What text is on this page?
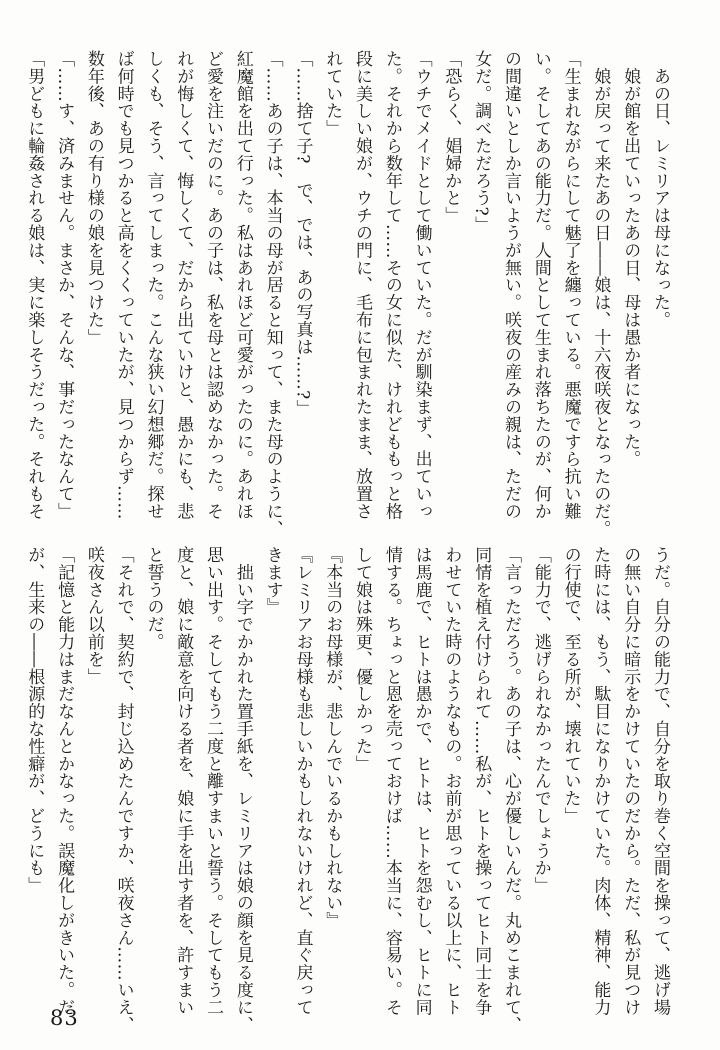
　あの日、レミリアは母になった。

　娘が館を出ていったあの日、母は愚か者になった。

　娘が戻って来たあの日――娘は、十六夜咲夜となったのだ。

「生まれながらにして魅了を纏っている。悪魔ですら抗い難

い。そしてあの能力だ。人間として生まれ落ちたのが、何か

の間違いとしか言いようが無い。咲夜の産みの親は、ただの

女だ。調べただろう?」

「恐らく、娼婦かと」

「ウチでメイドとして働いていた。だが馴染まず、出ていっ

た。それから数年して……その女に似た、けれどももっと格

段に美しい娘が、ウチの門に、毛布に包まれたまま、放置さ

れていた」

「……捨て子?　で、では、あの写真は……?」

「……あの子は、本当の母が居ると知って、また母のように、

紅魔館を出て行った。私はあれほど可愛がったのに。あれほ

ど愛を注いだのに。あの子は、私を母とは認めなかった。そ

れが悔しくて、悔しくて、だから出ていけと、愚かにも、悲

しくも、そう、言ってしまった。こんな狭い幻想郷だ。探せ

ば何時でも見つかると高をくくっていたが、見つからず……

数年後、あの有り様の娘を見つけた」

「……す、済みません。まさか、そんな、事だったなんて」

「男どもに輪姦される娘は、実に楽しそうだった。それもそ

うだ。自分の能力で、自分を取り巻く空間を操って、逃げ場

の無い自分に暗示をかけていたのだから。ただ、私が見つけ

た時には、もう、駄目になりかけていた。肉体、精神、能力

の行使で、至る所が、壊れていた」

「能力で、逃げられなかったんでしょうか」

「言っただろう。あの子は、心が優しいんだ。丸めこまれて、

同情を植え付けられて……私が、ヒトを操ってヒト同士を争

わせていた時のようなもの。お前が思っている以上に、ヒト

は馬鹿で、ヒトは愚かで、ヒトは、ヒトを怨むし、ヒトに同

情する。ちょっと恩を売っておけば……本当に、容易い。そ

して娘は殊更、優しかった」

『本当のお母様が、悲しんでいるかもしれない』

『レミリアお母様も悲しいかもしれないけれど、直ぐ戻って

きます』

　拙い字でかかれた置手紙を、レミリアは娘の顔を見る度に、

思い出す。そしてもう二度と離すまいと誓う。そしてもう二

度と、娘に敵意を向ける者を、娘に手を出す者を、許すまい

と誓うのだ。

「それで、契約で、封じ込めたんですか、咲夜さん……いえ、

咲夜さん以前を」

「記憶と能力はまだなんとかなった。誤魔化しがきいた。だ

が、生来の――根源的な性癖が、どうにも」

83
